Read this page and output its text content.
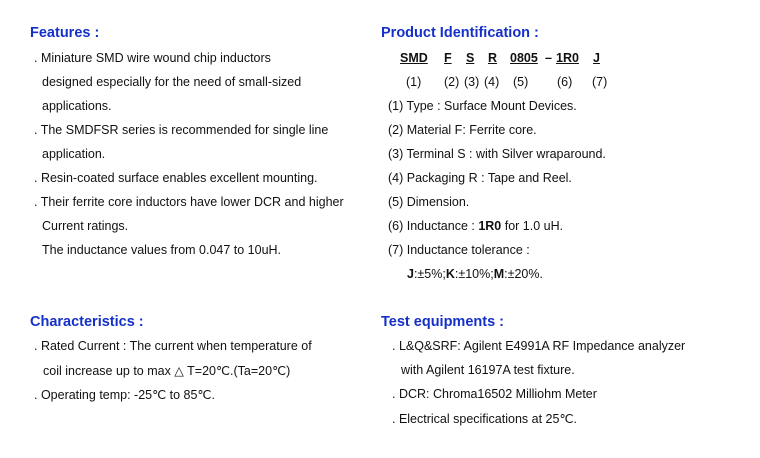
Features :
. Miniature SMD wire wound chip inductors
designed especially for the need of small-sized
applications.
. The SMDFSR series is recommended for single line
application.
. Resin-coated surface enables excellent mounting.
. Their ferrite core inductors have lower DCR and higher
Current ratings.
The inductance values from 0.047 to 10uH.
Product Identification :
SMD F S R 0805 – 1R0 J
(1) (2) (3) (4) (5) (6) (7)
(1) Type : Surface Mount Devices.
(2) Material F: Ferrite core.
(3) Terminal S : with Silver wraparound.
(4) Packaging R : Tape and Reel.
(5) Dimension.
(6) Inductance : 1R0 for 1.0 uH.
(7) Inductance tolerance :
J:±5%;K:±10%;M:±20%.
Characteristics :
. Rated Current : The current when temperature of
coil increase up to max △ T=20℃.(Ta=20℃)
. Operating temp: -25℃ to 85℃.
Test equipments :
. L&Q&SRF: Agilent E4991A RF Impedance analyzer
with Agilent 16197A test fixture.
. DCR: Chroma16502 Milliohm Meter
. Electrical specifications at 25℃.
